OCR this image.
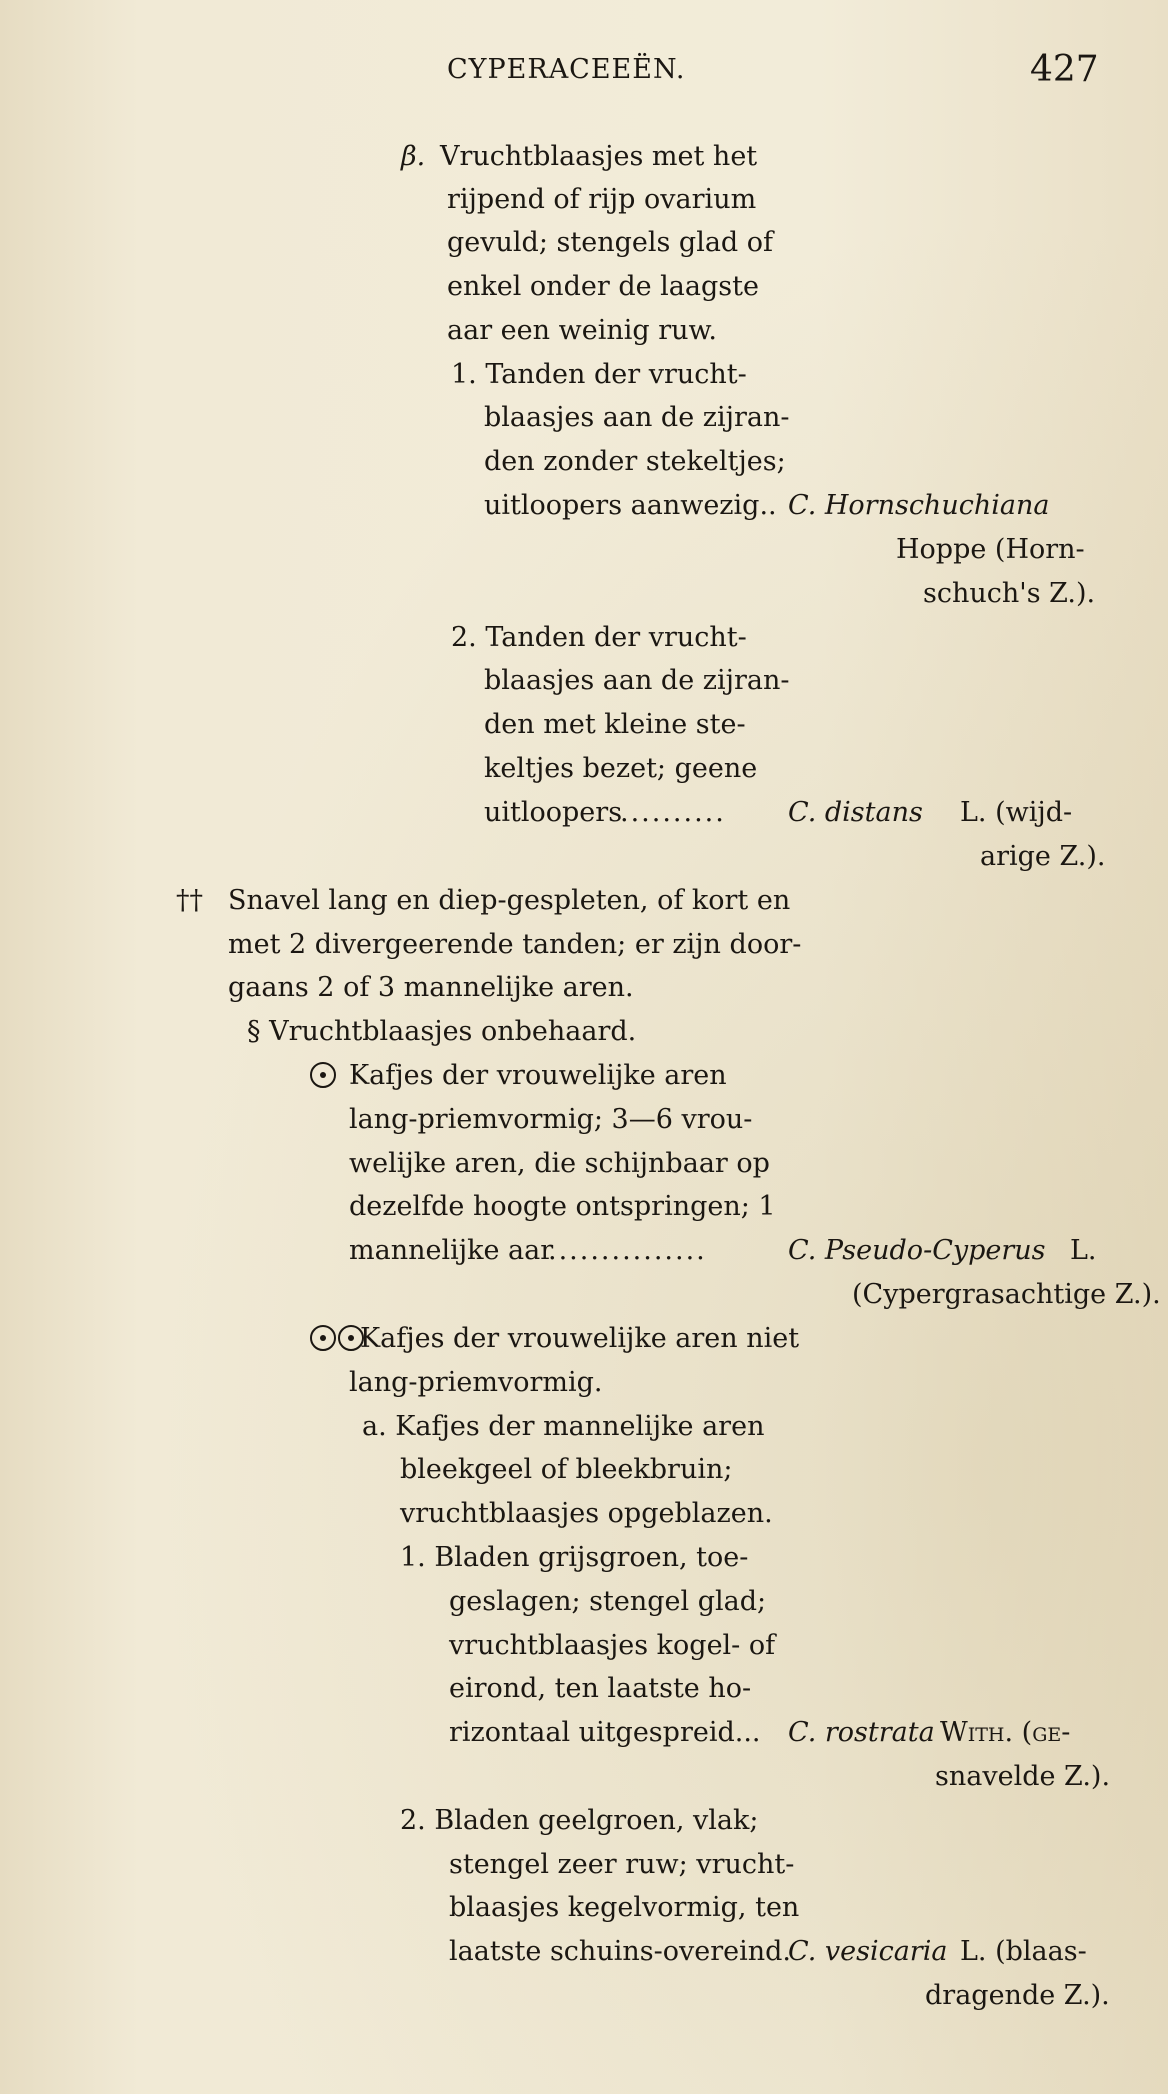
CYPERACEEËN.	427
β. Vruchtblaasjes met het
rijpend of rijp ovarium
gevuld; stengels glad of
enkel onder de laagste
aar een weinig ruw.
1. Tanden der vrucht-
blaasjes aan de zijran-
den zonder stekeltjes;
uitloopers aanwezig.. C. Hornschuchiana
Hoppe (Horn-
schuch's Z.).
2. Tanden der vrucht-
blaasjes aan de zijran-
den met kleine ste-
keltjes bezet; geene
uitloopers
.......... C. distans L. (wijd-
arige Z.).
†† Snavel lang en diep-gespleten, of kort en
met 2 divergeerende tanden; er zijn door-
gaans 2 of 3 mannelijke aren.
§ Vruchtblaasjes onbehaard.
Kafjes der vrouwelijke aren
lang-priemvormig; 3—6 vrou-
welijke aren, die schijnbaar op
dezelfde hoogte ontspringen; 1
mannelijke aar
...............	C. Pseudo-Cyperus L.
(Cypergrasachtige Z.).
Kafjes der vrouwelijke aren niet
lang-priemvormig.
a. Kafjes der mannelijke aren
bleekgeel of bleekbruin;
vruchtblaasjes opgeblazen.
1. Bladen grijsgroen, toe-
geslagen; stengel glad;
vruchtblaasjes kogel- of
eirond, ten laatste ho-
rizontaal uitgespreid... C. rostrata With. (ge-
snavelde Z.).
2. Bladen geelgroen, vlak;
stengel zeer ruw; vrucht-
blaasjes kegelvormig, ten
laatste schuins-overeind.
C. vesicaria L. (blaas-
dragende Z.).
